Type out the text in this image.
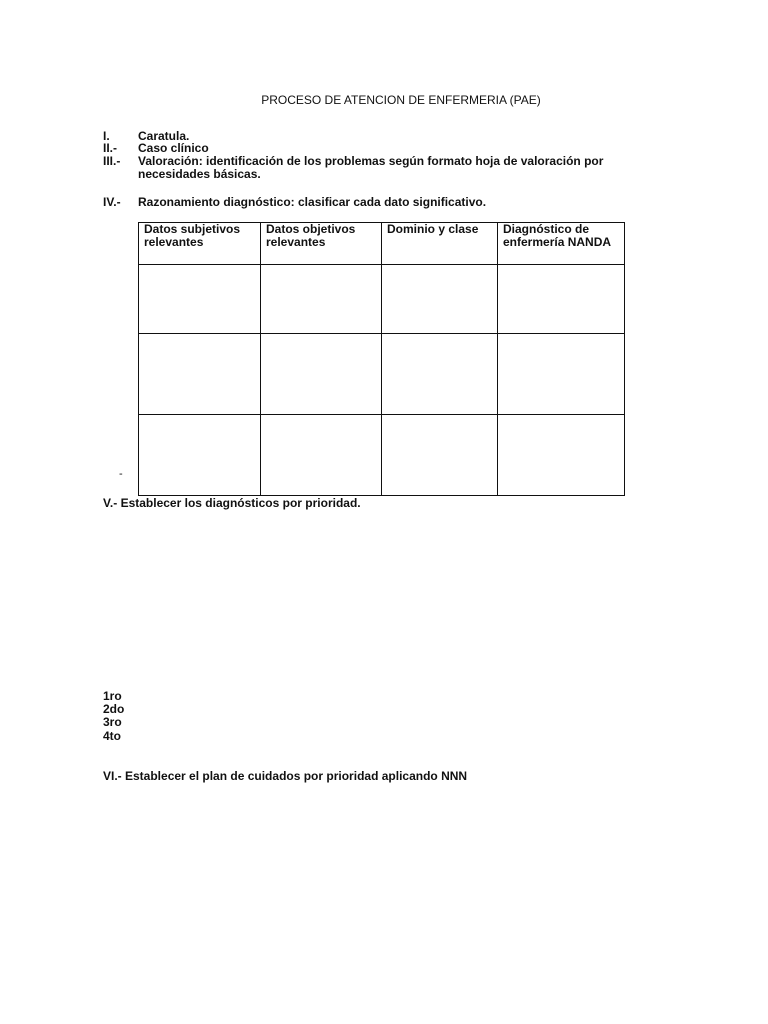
PROCESO DE ATENCION DE ENFERMERIA (PAE)
I. Caratula.
II.- Caso clínico
III.- Valoración: identificación de los problemas según formato hoja de valoración por necesidades básicas.
IV.- Razonamiento diagnóstico: clasificar cada dato significativo.
Datos subjetivos relevantes	Datos objetivos relevantes	Dominio y clase	Diagnóstico de enfermería NANDA

-
V.- Establecer los diagnósticos por prioridad.
1ro
2do
3ro
4to
VI.- Establecer el plan de cuidados por prioridad aplicando NNN
